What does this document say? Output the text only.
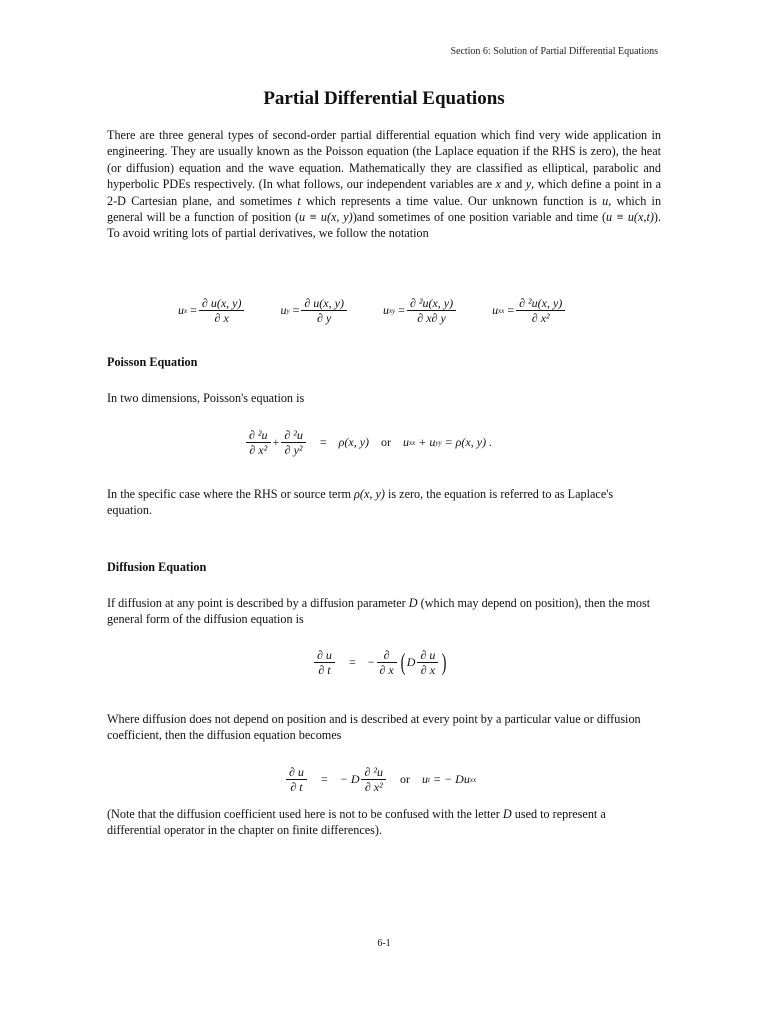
Section 6: Solution of Partial Differential Equations
Partial Differential Equations
There are three general types of second-order partial differential equation which find very wide application in engineering. They are usually known as the Poisson equation (the Laplace equation if the RHS is zero), the heat (or diffusion) equation and the wave equation. Mathematically they are classified as elliptical, parabolic and hyperbolic PDEs respectively. (In what follows, our independent variables are x and y, which define a point in a 2-D Cartesian plane, and sometimes t which represents a time value. Our unknown function is u, which in general will be a function of position (u ≡ u(x, y))and sometimes of one position variable and time (u ≡ u(x,t)). To avoid writing lots of partial derivatives, we follow the notation
u $x = \frac{\partial u(x, y)}{\partial x}$	u $y = \frac{\partial u(x, y)}{\partial y}$	u xy = $\frac{\text{∂ ²u(x, y)}}{\partial x\partial y}$	u xx = $\frac{\text{∂ ²u(x, y)}}{\text{∂ x²}}$
Poisson Equation
In two dimensions, Poisson's equation is
$\frac{\text{∂ ²u}}{\text{∂ x²}} + \frac{\text{∂ ²u}}{\text{∂ y²}} = \rho(x$, y) or u xx
+ u yy
= ρ(x, y) .
In the specific case where the RHS or source term ρ(x, y) is zero, the equation is referred to as Laplace's equation.
Diffusion Equation
If diffusion at any point is described by a diffusion parameter D (which may depend on position), then the most general form of the diffusion equation is
$\frac{\partial u}{\partial t}$ = − $\frac{\partial}{\partial x}$ ( D $\frac{\partial u}{\partial x}$ )
Where diffusion does not depend on position and is described at every point by a particular value or diffusion coefficient, then the diffusion equation becomes
$\frac{\partial u}{\partial t}$ = − D $\frac{\text{∂ ²u}}{\text{∂ x²}}$ or u t
= − Du xx
(Note that the diffusion coefficient used here is not to be confused with the letter D used to represent a differential operator in the chapter on finite differences).
6-1
